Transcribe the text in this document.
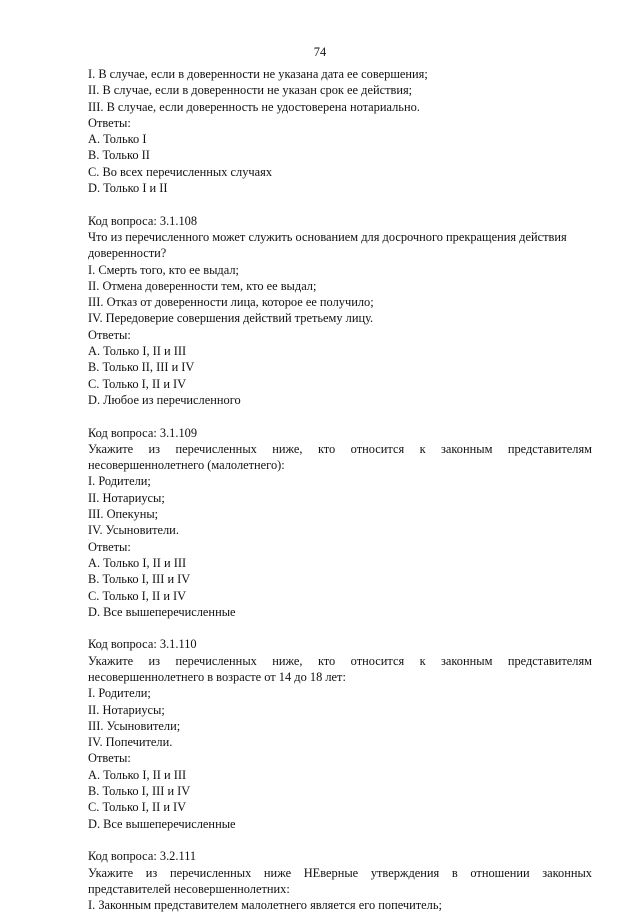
74
I. В случае, если в доверенности не указана дата ее совершения;
II. В случае, если в доверенности не указан срок ее действия;
III. В случае, если доверенность не удостоверена нотариально.
Ответы:
A. Только I
B. Только II
C. Во всех перечисленных случаях
D. Только I и II
Код вопроса: 3.1.108
Что из перечисленного может служить основанием для досрочного прекращения действия
доверенности?
I. Смерть того, кто ее выдал;
II. Отмена доверенности тем, кто ее выдал;
III. Отказ от доверенности лица, которое ее получило;
IV. Передоверие совершения действий третьему лицу.
Ответы:
A. Только I, II и III
B. Только II, III и IV
C. Только I, II и IV
D. Любое из перечисленного
Код вопроса: 3.1.109
Укажите из перечисленных ниже, кто относится к законным представителям
несовершеннолетнего (малолетнего):
I. Родители;
II. Нотариусы;
III. Опекуны;
IV. Усыновители.
Ответы:
A. Только I, II и III
B. Только I, III и IV
C. Только I, II и IV
D. Все вышеперечисленные
Код вопроса: 3.1.110
Укажите из перечисленных ниже, кто относится к законным представителям
несовершеннолетнего в возрасте от 14 до 18 лет:
I. Родители;
II. Нотариусы;
III. Усыновители;
IV. Попечители.
Ответы:
A. Только I, II и III
B. Только I, III и IV
C. Только I, II и IV
D. Все вышеперечисленные
Код вопроса: 3.2.111
Укажите из перечисленных ниже НЕверные утверждения в отношении законных
представителей несовершеннолетних:
I. Законным представителем малолетнего является его попечитель;
